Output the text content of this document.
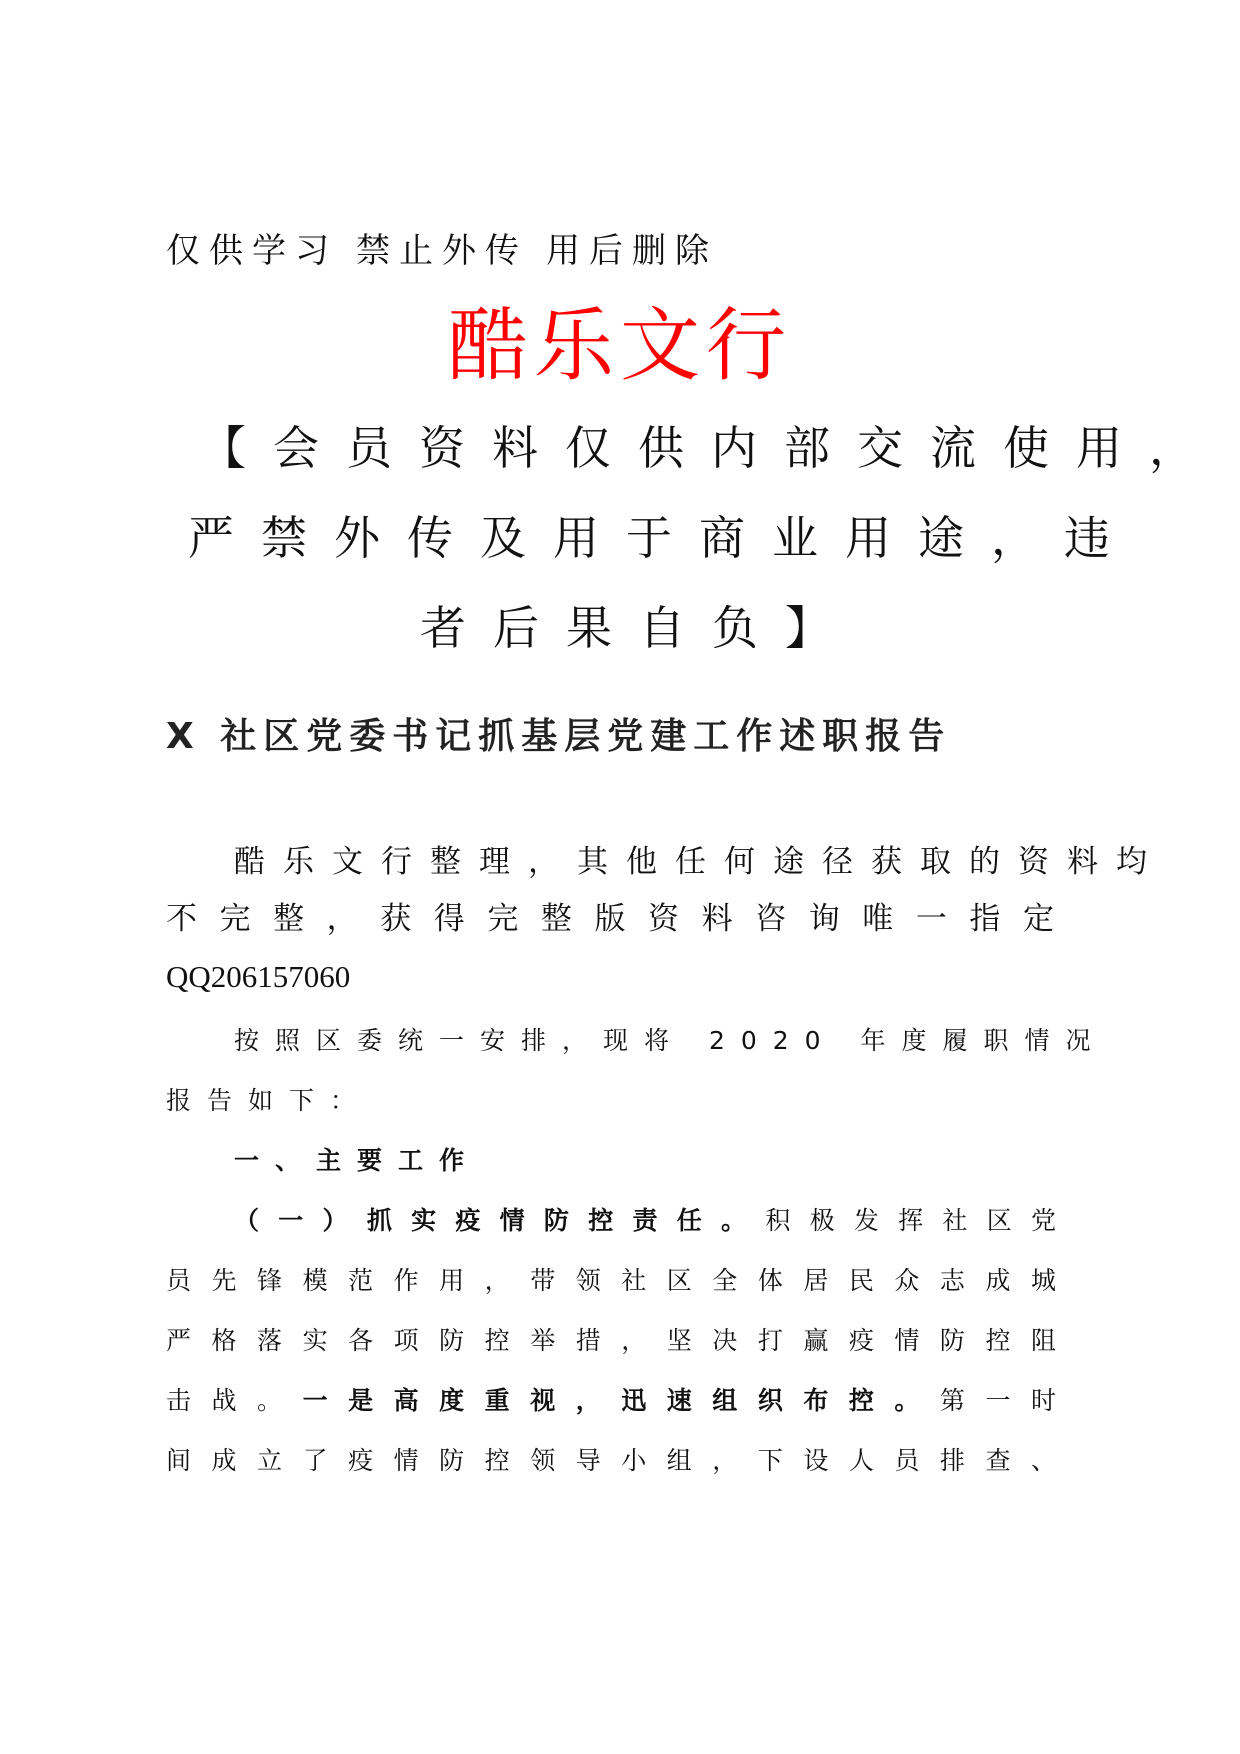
仅供学习 禁止外传 用后删除
酷乐文行
【会员资料仅供内部交流使用，
严禁外传及用于商业用途，违
者后果自负】
X 社区党委书记抓基层党建工作述职报告
酷乐文行整理，其他任何途径获取的资料均
不完整，获得完整版资料咨询唯一指定
QQ206157060
按照区委统一安排，现将 2020 年度履职情况
报告如下：
一、主要工作
（一）抓实疫情防控责任。积极发挥社区党
员先锋模范作用，带领社区全体居民众志成城
严格落实各项防控举措，坚决打赢疫情防控阻
击战。一是高度重视，迅速组织布控。第一时
间成立了疫情防控领导小组，下设人员排查、
